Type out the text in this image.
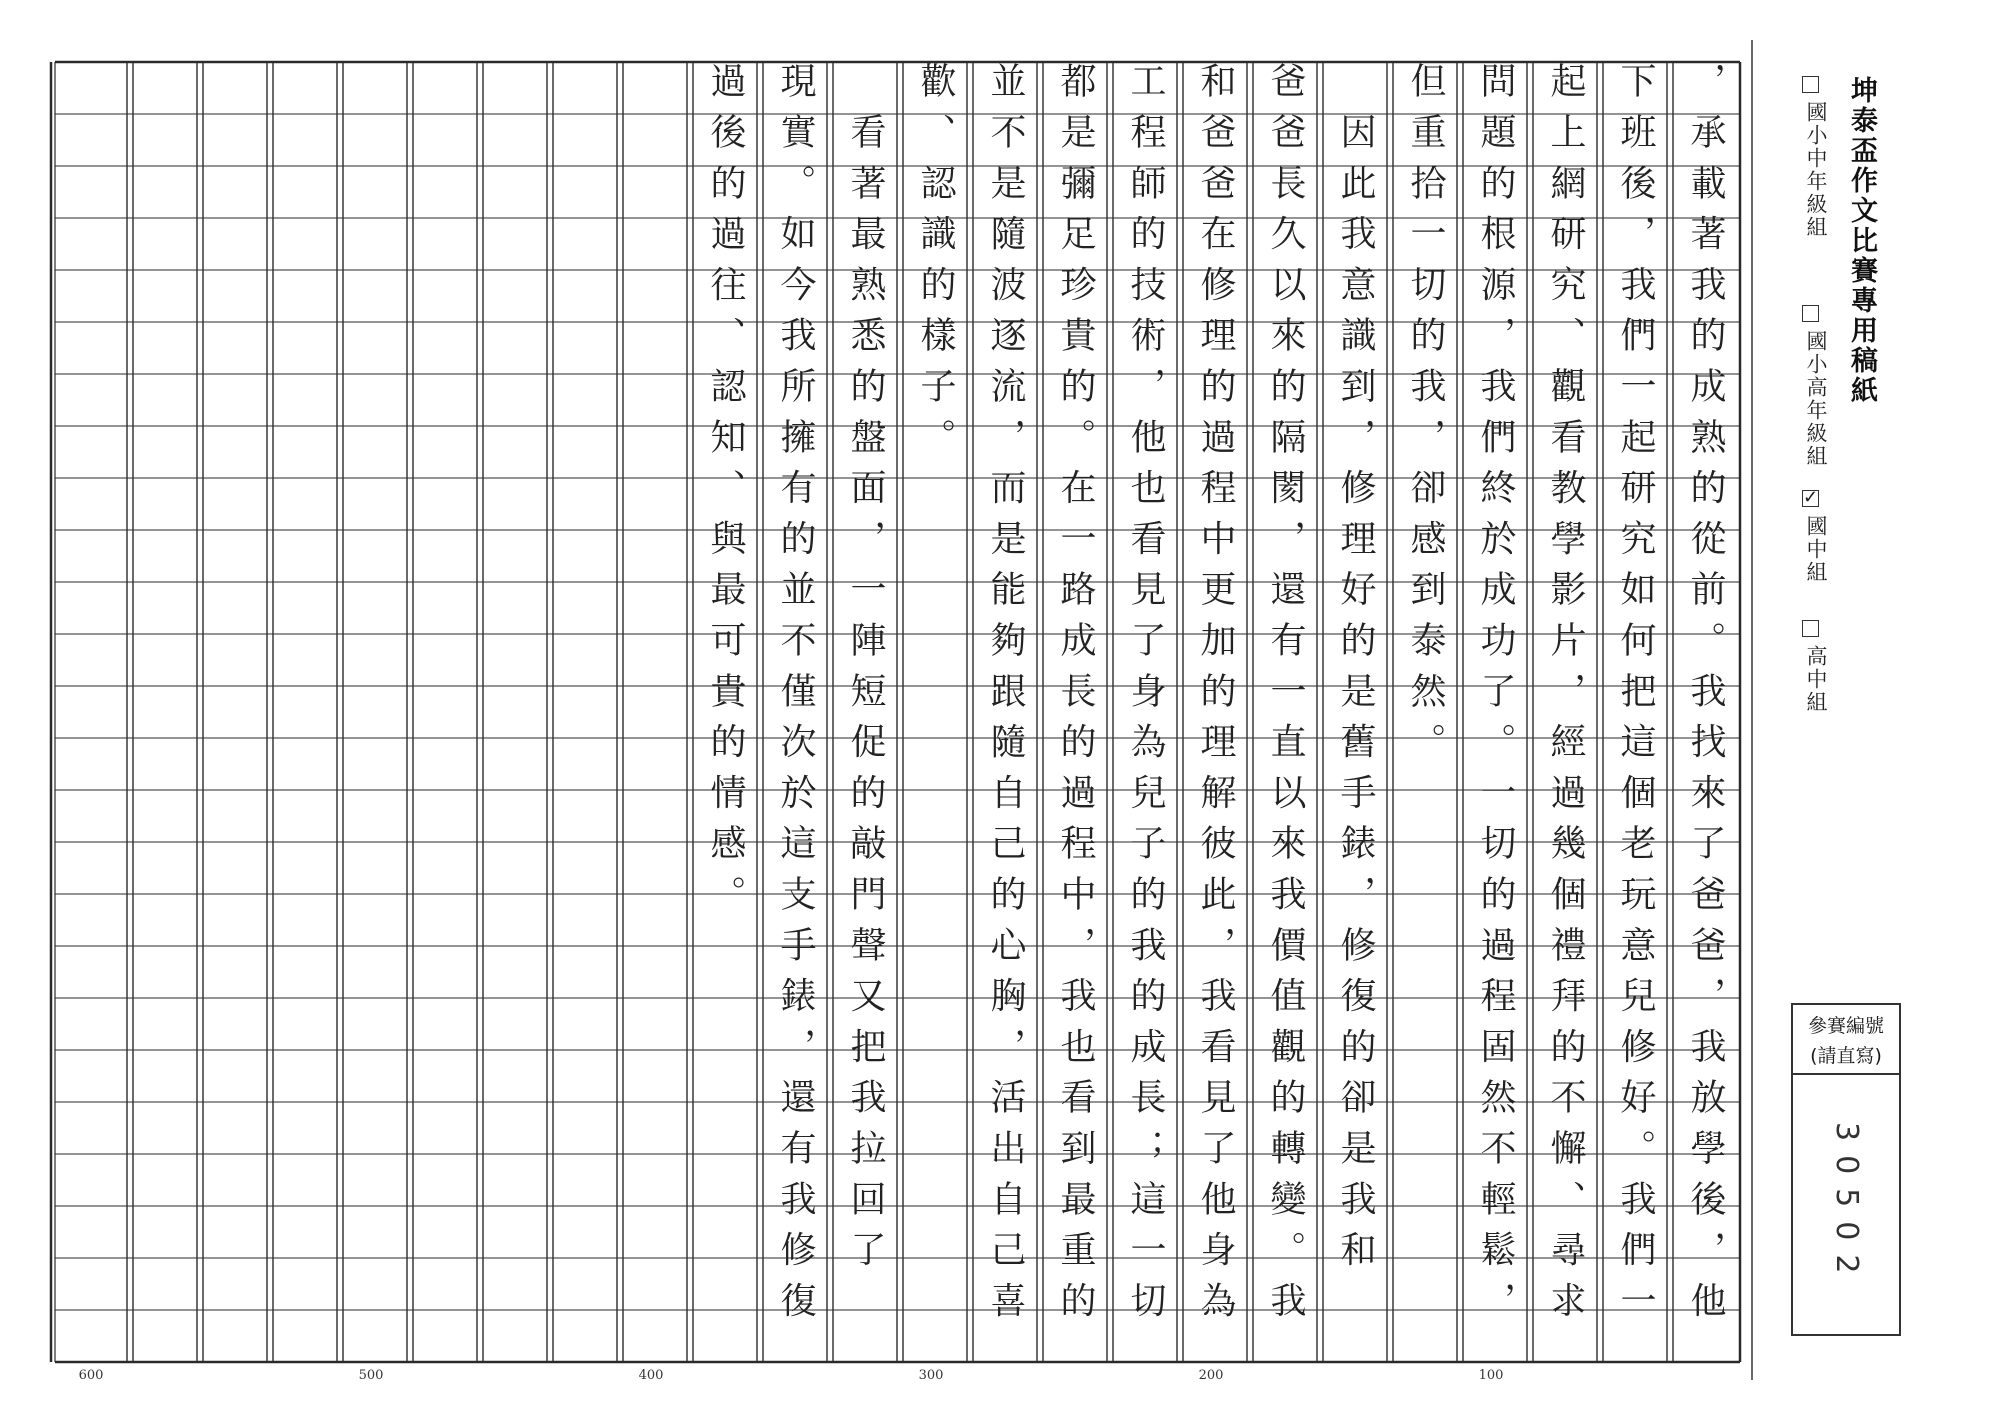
，承載著我的成熟的從前。我找來了爸爸，我放學後，他
下班後，我們一起研究如何把這個老玩意兒修好。我們一
起上網研究、觀看教學影片，經過幾個禮拜的不懈、尋求
問題的根源，我們終於成功了。一切的過程固然不輕鬆，
但重拾一切的我，卻感到泰然。
　因此我意識到，修理好的是舊手錶，修復的卻是我和
爸爸長久以來的隔閡，還有一直以來我價值觀的轉變。我
和爸爸在修理的過程中更加的理解彼此，我看見了他身為
工程師的技術，他也看見了身為兒子的我的成長；這一切
都是彌足珍貴的。在一路成長的過程中，我也看到最重的
並不是隨波逐流，而是能夠跟隨自己的心胸，活出自己喜
歡、認識的樣子。
　看著最熟悉的盤面，一陣短促的敲門聲又把我拉回了
現實。如今我所擁有的並不僅次於這支手錶，還有我修復
過後的過往、認知、與最可貴的情感。	坤泰盃作文比賽專用稿紙
國小中年級組
國小高年級組
✓
國中組
高中組
參賽編號
(請直寫)
30502
100
200
300
400
500
600
